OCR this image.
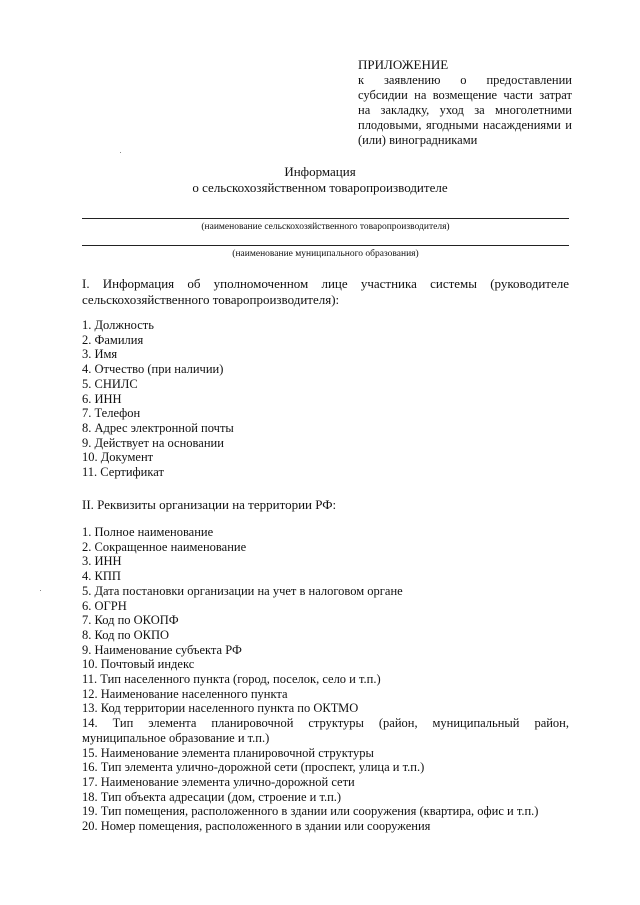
ПРИЛОЖЕНИЕ
к заявлению о предоставлении субсидии на возмещение части затрат на закладку, уход за многолетними плодовыми, ягодными насаждениями и (или) виноградниками
Информация
о сельскохозяйственном товаропроизводителе
(наименование сельскохозяйственного товаропроизводителя)
(наименование муниципального образования)
I. Информация об уполномоченном лице участника системы (руководителе сельскохозяйственного товаропроизводителя):
1. Должность
2. Фамилия
3. Имя
4. Отчество (при наличии)
5. СНИЛС
6. ИНН
7. Телефон
8. Адрес электронной почты
9. Действует на основании
10. Документ
11. Сертификат
II. Реквизиты организации на территории РФ:
1. Полное наименование
2. Сокращенное наименование
3. ИНН
4. КПП
5. Дата постановки организации на учет в налоговом органе
6. ОГРН
7. Код по ОКОПФ
8. Код по ОКПО
9. Наименование субъекта РФ
10. Почтовый индекс
11. Тип населенного пункта (город, поселок, село и т.п.)
12. Наименование населенного пункта
13. Код территории населенного пункта по ОКТМО
14. Тип элемента планировочной структуры (район, муниципальный район, муниципальное образование и т.п.)
15. Наименование элемента планировочной структуры
16. Тип элемента улично-дорожной сети (проспект, улица и т.п.)
17. Наименование элемента улично-дорожной сети
18. Тип объекта адресации (дом, строение и т.п.)
19. Тип помещения, расположенного в здании или сооружения (квартира, офис и т.п.)
20. Номер помещения, расположенного в здании или сооружения
